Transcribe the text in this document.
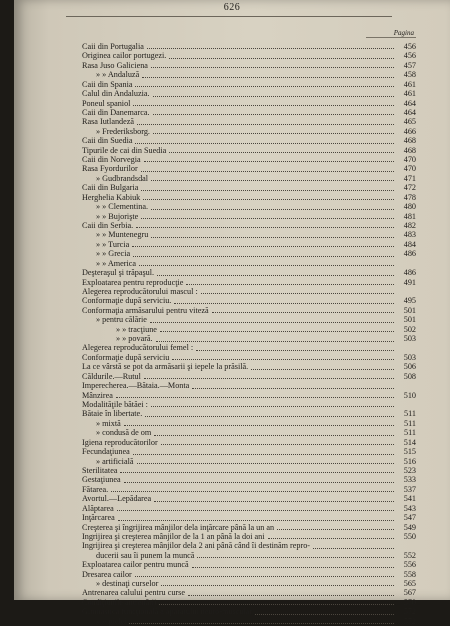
626
Pagina
Caii din Portugalia	456
Originea cailor portugezi.	456
Rasa Juso Galiciena	457
» » Andaluză	458
Caii din Spania	461
Calul din Andaluzia.	461
Poneul spaniol	464
Caii din Danemarca.	464
Rasa Iutlandeză	465
» Frederiksborg.	466
Caii din Suedia	468
Tipurile de cai din Suedia	468
Caii din Norvegia	470
Rasa Fyordurilor	470
» Gudbrandsdal	471
Caii din Bulgaria	472
Herghelia Kabiuk	478
» » Clementina.	480
» » Bujorişte	481
Caii din Serbia.	482
» » Muntenegru	483
» » Turcia	484
» » Grecia	486
» » America
Deşteraşul şi trăpaşul.	486
Exploatarea pentru reproducţie	491
Alegerea reproducătorului mascul :
Conformaţie după serviciu.	495
Conformaţia armăsarului pentru viteză	501
» pentru călărie	501
» » tracţiune	502
» » povară.	503
Alegerea reproducătorului femel :
Conformaţie după serviciu	503
La ce vârstă se pot da armăsarii şi iepele la prăsilă.	506
Căldurile.—Rutul	508
Imperecherea.—Bătaia.—Monta
Mânzirea	510
Modalităţile bătăei :
Bătaie în libertate.	511
» mixtă	511
» condusă de om	511
Igiena reproducătorilor	514
Fecundaţiunea	515
» artificială	516
Sterilitatea	523
Gestaţiunea	533
Fătarea.	537
Avortul.—Lepădarea	541
Alăptarea	543
Inţărcarea	547
Creşterea şi îngrijirea mânjilor dela inţărcare până la un an	549
Ingrijirea şi creşterea mânjilor de la 1 an până la doi ani	550
Ingrijirea şi creşterea mânjilor dela 2 ani până când îi destinăm repro-
ducerii sau îi punem la muncă	552
Exploatarea cailor pentru muncă	556
Dresarea cailor	558
» destinaţi curselor	565
Antrenarea calului pentru curse	567
Condiţiunile antrenării	570
Gimnastica funcţională a aparatului neuro-muscular	572
» » pielei	572
